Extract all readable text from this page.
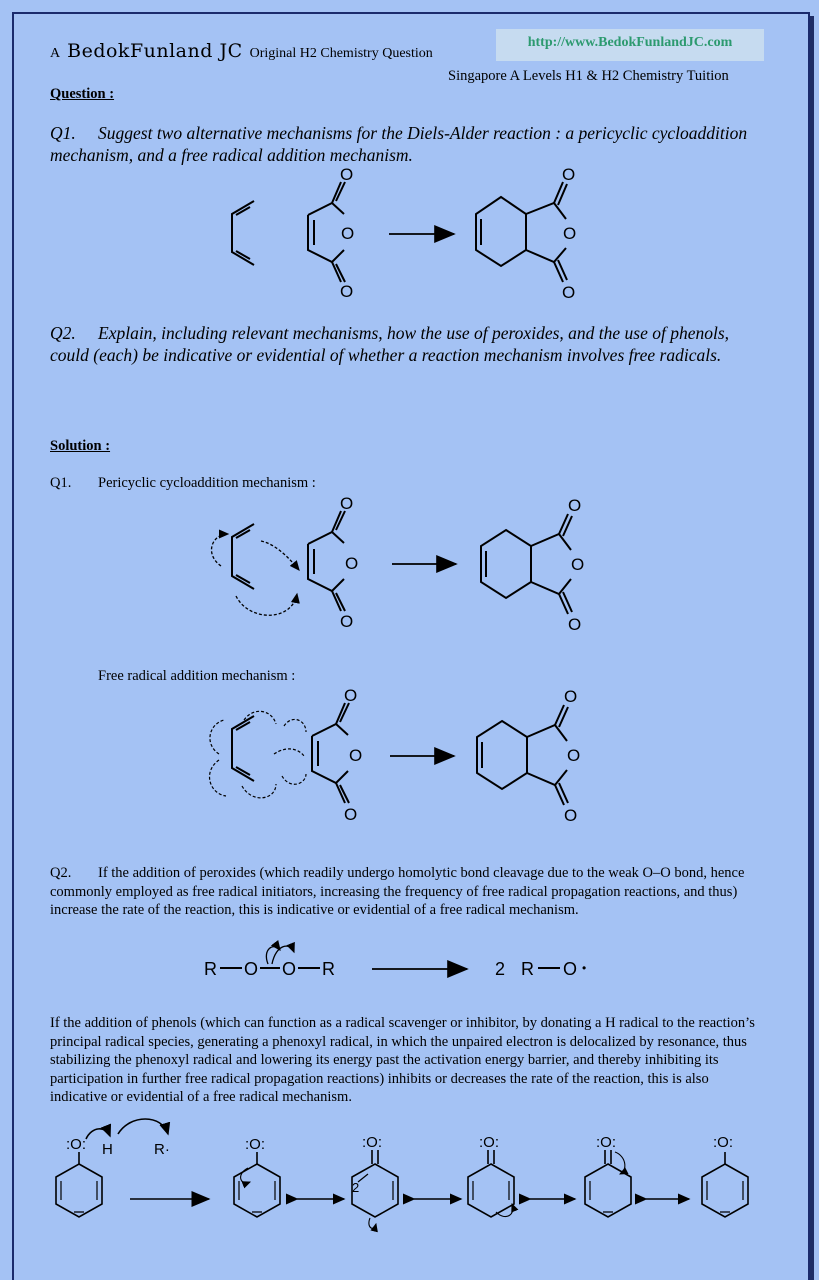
A BedokFunland JC Original H2 Chemistry Question
http://www.BedokFunlandJC.com
Singapore A Levels H1 & H2 Chemistry Tuition
Question :
Q1. Suggest two alternative mechanisms for the Diels-Alder reaction : a pericyclic cycloaddition mechanism, and a free radical addition mechanism.
O
O
O
O
O
O
O
O
O
O
O
O
O
O
O
O
O
O
R O O R	2 R O •
:O: H	R·	:O:	:O:
2
:O:	:O:	:O:
Q2. Explain, including relevant mechanisms, how the use of peroxides, and the use of phenols, could (each) be indicative or evidential of whether a reaction mechanism involves free radicals.
Solution :
Q1. Pericyclic cycloaddition mechanism :
Free radical addition mechanism :
Q2. If the addition of peroxides (which readily undergo homolytic bond cleavage due to the weak O–O bond, hence commonly employed as free radical initiators, increasing the frequency of free radical propagation reactions, and thus) increase the rate of the reaction, this is indicative or evidential of a free radical mechanism.
If the addition of phenols (which can function as a radical scavenger or inhibitor, by donating a H radical to the reaction’s principal radical species, generating a phenoxyl radical, in which the unpaired electron is delocalized by resonance, thus stabilizing the phenoxyl radical and lowering its energy past the activation energy barrier, and thereby inhibiting its participation in further free radical propagation reactions) inhibits or decreases the rate of the reaction, this is also indicative or evidential of a free radical mechanism.
